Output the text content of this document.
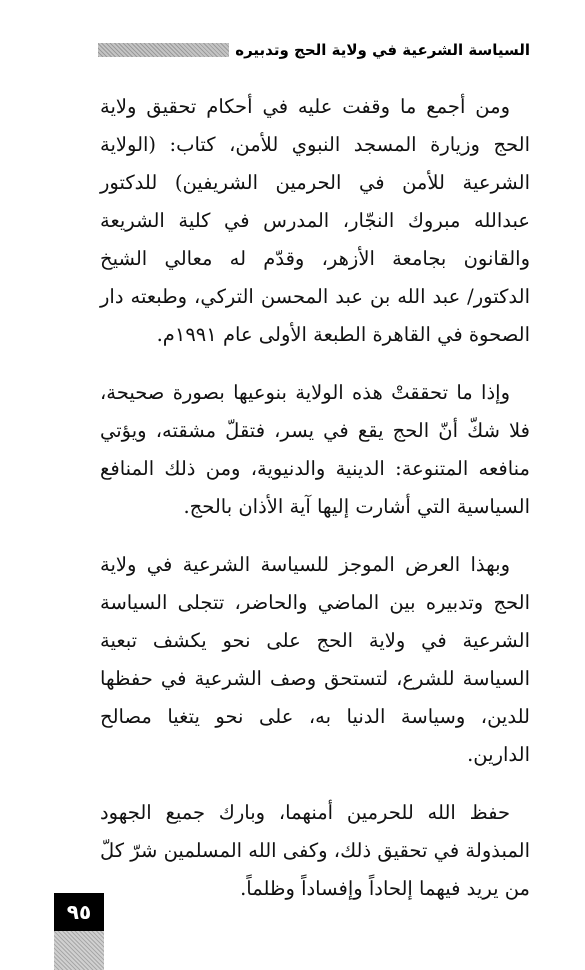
السياسة الشرعية في ولاية الحج وتدبيره

ومن أجمع ما وقفت عليه في أحكام تحقيق ولاية الحج وزيارة المسجد النبوي للأمن، كتاب: (الولاية الشرعية للأمن في الحرمين الشريفين) للدكتور عبدالله مبروك النجّار، المدرس في كلية الشريعة والقانون بجامعة الأزهر، وقدّم له معالي الشيخ الدكتور/ عبد الله بن عبد المحسن التركي، وطبعته دار الصحوة في القاهرة الطبعة الأولى عام ١٩٩١م.

وإذا ما تحققتْ هذه الولاية بنوعيها بصورة صحيحة، فلا شكّ أنّ الحج يقع في يسر، فتقلّ مشقته، ويؤتي منافعه المتنوعة: الدينية والدنيوية، ومن ذلك المنافع السياسية التي أشارت إليها آية الأذان بالحج.

وبهذا العرض الموجز للسياسة الشرعية في ولاية الحج وتدبيره بين الماضي والحاضر، تتجلى السياسة الشرعية في ولاية الحج على نحو يكشف تبعية السياسة للشرع، لتستحق وصف الشرعية في حفظها للدين، وسياسة الدنيا به، على نحو يتغيا مصالح الدارين.

حفظ الله للحرمين أمنهما، وبارك جميع الجهود المبذولة في تحقيق ذلك، وكفى الله المسلمين شرّ كلّ من يريد فيهما إلحاداً وإفساداً وظلماً.

٩٥
